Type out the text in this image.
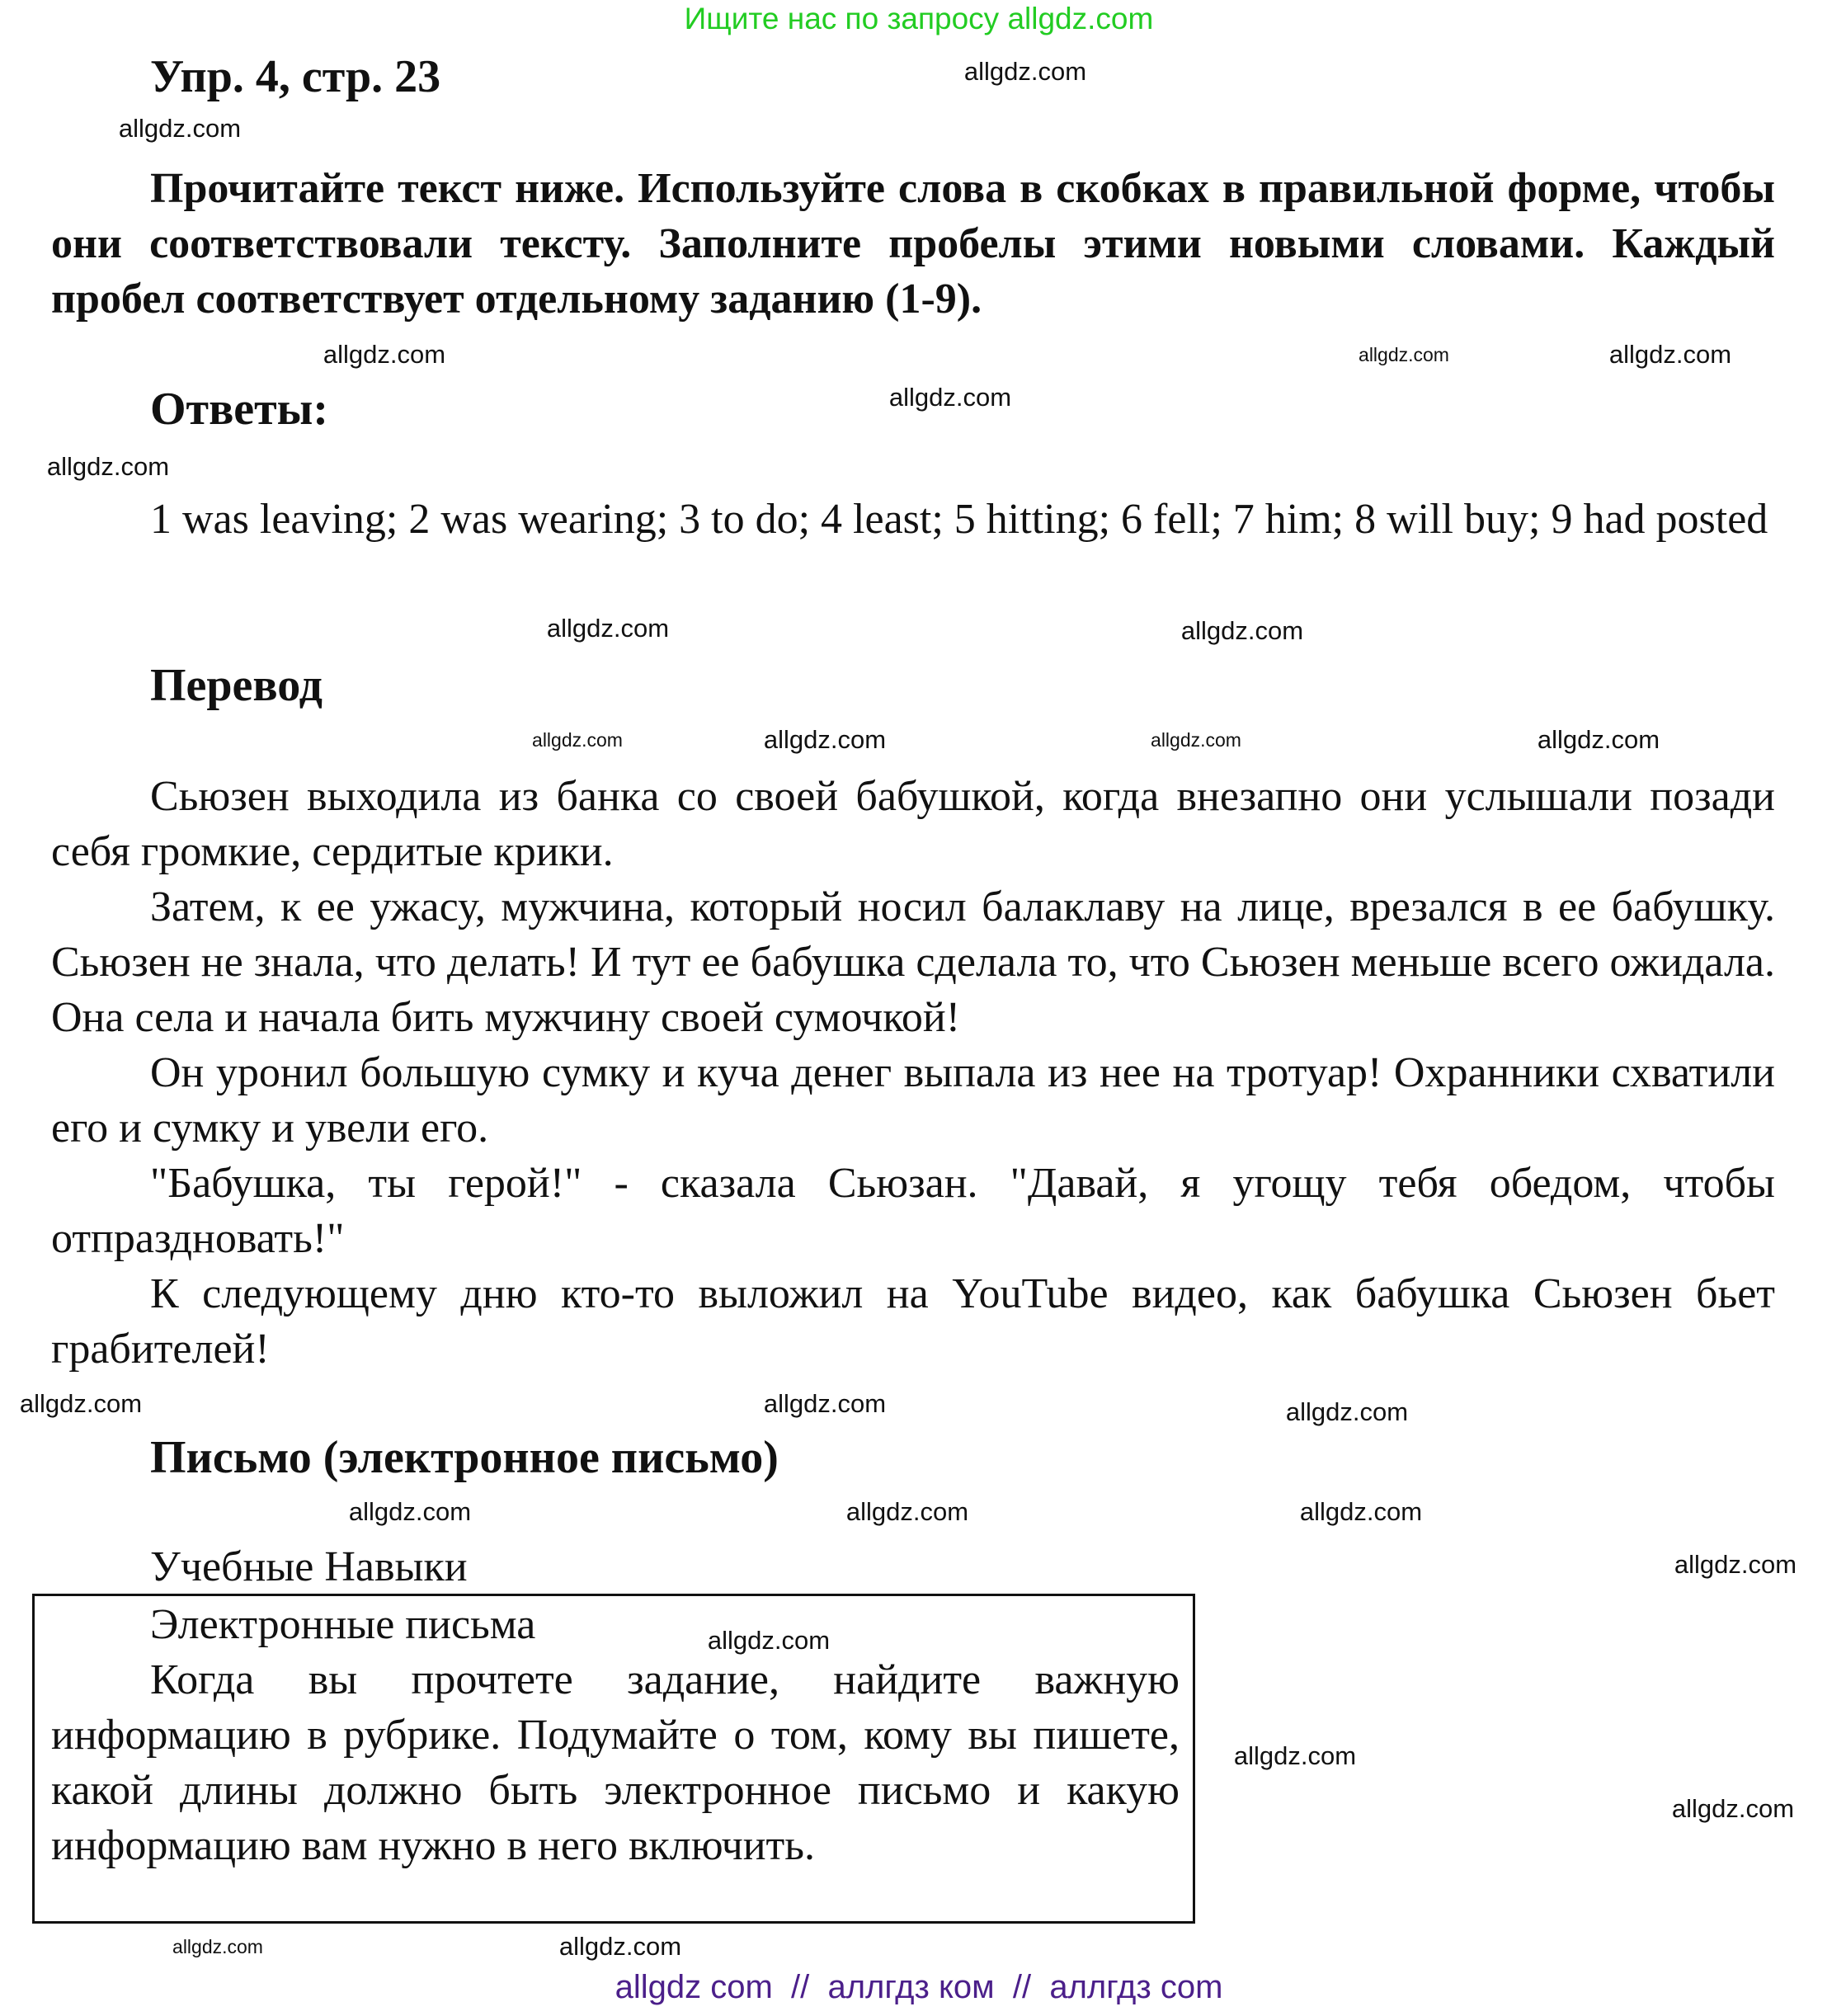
Ищите нас по запросу allgdz.com
Упр. 4, стр. 23
Прочитайте текст ниже. Используйте слова в скобках в правильной форме, чтобы они соответствовали тексту. Заполните пробелы этими новыми словами. Каждый пробел соответствует отдельному заданию (1-9).
Ответы:
1 was leaving; 2 was wearing; 3 to do; 4 least; 5 hitting; 6 fell; 7 him; 8 will buy; 9 had posted
Перевод

Сьюзен выходила из банка со своей бабушкой, когда внезапно они услышали позади себя громкие, сердитые крики.

Затем, к ее ужасу, мужчина, который носил балаклаву на лице, врезался в ее бабушку. Сьюзен не знала, что делать! И тут ее бабушка сделала то, что Сьюзен меньше всего ожидала. Она села и начала бить мужчину своей сумочкой!

Он уронил большую сумку и куча денег выпала из нее на тротуар! Охранники схватили его и сумку и увели его.

"Бабушка, ты герой!" - сказала Сьюзан. "Давай, я угощу тебя обедом, чтобы отпраздновать!"

К следующему дню кто-то выложил на YouTube видео, как бабушка Сьюзен бьет грабителей!

Письмо (электронное письмо)
Учебные Навыки
Электронные письма
Когда вы прочтете задание, найдите важную информацию в рубрике. Подумайте о том, кому вы пишете, какой длины должно быть электронное письмо и какую информацию вам нужно в него включить.
allgdz.com
allgdz.com
allgdz.com	allgdz.com
allgdz.com
allgdz.com
allgdz.com
allgdz.com
allgdz.com
allgdz.com
allgdz.com	allgdz.com
allgdz.com
allgdz.com	allgdz.com
allgdz.com
allgdz.com	allgdz.com
allgdz.com
allgdz.com
allgdz.com
allgdz.com
allgdz.com
allgdz.com
allgdz.com
allgdz com  //  аллгдз ком  //  аллгдз com
